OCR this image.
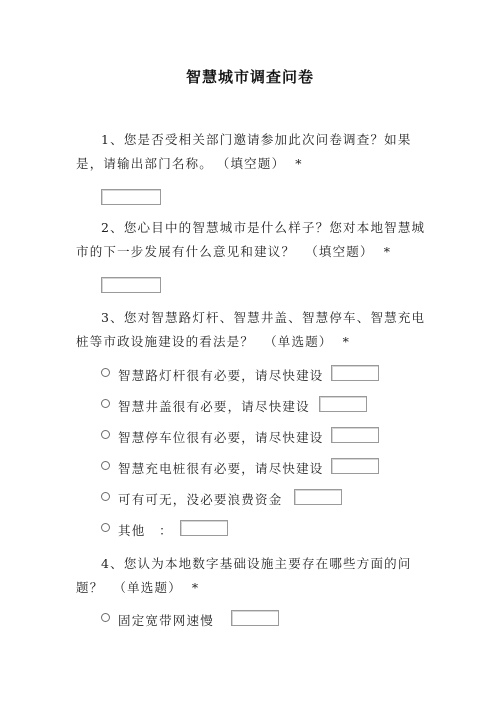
智慧城市调查问卷
1、您是否受相关部门邀请参加此次问卷调查？如果是，请输出部门名称。 （填空题） *
2、您心目中的智慧城市是什么样子？您对本地智慧城市的下一步发展有什么意见和建议？ （填空题） *
3、您对智慧路灯杆、智慧井盖、智慧停车、智慧充电桩等市政设施建设的看法是？ （单选题） *
智慧路灯杆很有必要，请尽快建设
智慧井盖很有必要，请尽快建设
智慧停车位很有必要，请尽快建设
智慧充电桩很有必要，请尽快建设
可有可无，没必要浪费资金
其他　：
4、您认为本地数字基础设施主要存在哪些方面的问题？ （单选题） *
固定宽带网速慢
